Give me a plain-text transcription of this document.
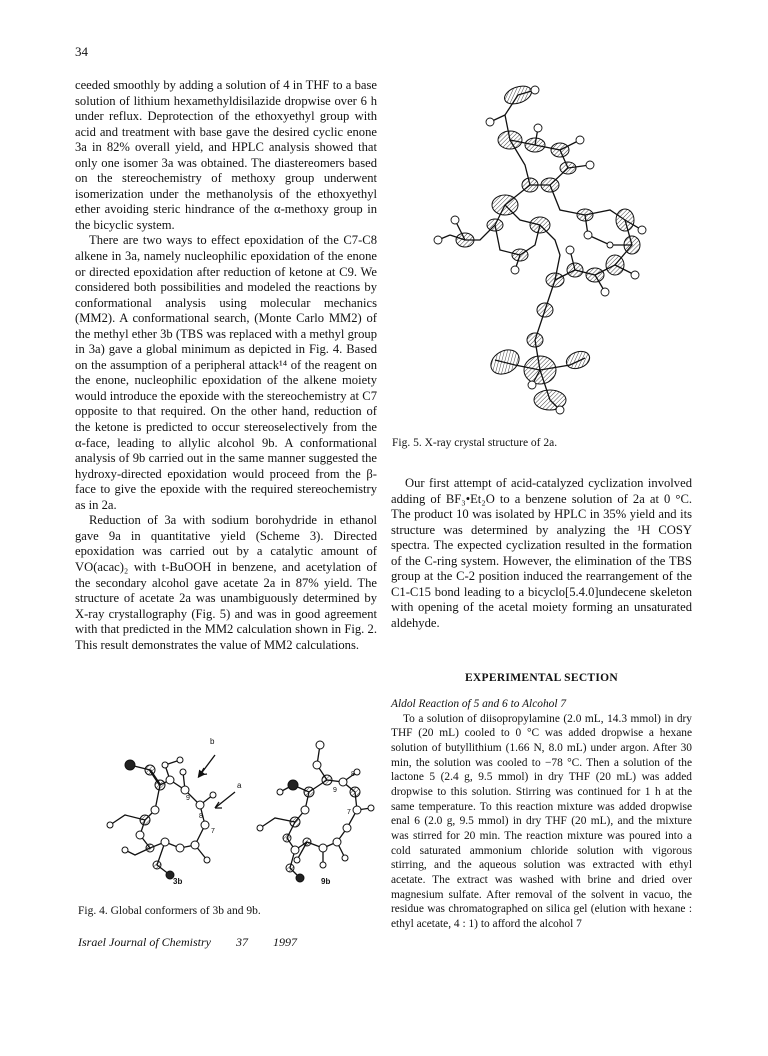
34

ceeded smoothly by adding a solution of 4 in THF to a base solution of lithium hexamethyldisilazide dropwise over 6 h under reflux. Deprotection of the ethoxyethyl group with acid and treatment with base gave the desired cyclic enone 3a in 82% overall yield, and HPLC analysis showed that only one isomer 3a was obtained. The diastereomers based on the stereochemistry of methoxy group underwent isomerization under the methanolysis of the ethoxyethyl ether avoiding steric hindrance of the α-methoxy group in the bicyclic system.

There are two ways to effect epoxidation of the C7-C8 alkene in 3a, namely nucleophilic epoxidation of the enone or directed epoxidation after reduction of ketone at C9. We considered both possibilities and modeled the reactions by conformational analysis using molecular mechanics (MM2). A conformational search, (Monte Carlo MM2) of the methyl ether 3b (TBS was replaced with a methyl group in 3a) gave a global minimum as depicted in Fig. 4. Based on the assumption of a peripheral attack¹⁴ of the reagent on the enone, nucleophilic epoxidation of the alkene moiety would introduce the epoxide with the stereochemistry at C7 opposite to that required. On the other hand, reduction of the ketone is predicted to occur stereoselectively from the α-face, leading to allylic alcohol 9b. A conformational analysis of 9b carried out in the same manner suggested the hydroxy-directed epoxidation would proceed from the β-face to give the epoxide with the required stereochemistry as in 2a.

Reduction of 3a with sodium borohydride in ethanol gave 9a in quantitative yield (Scheme 3). Directed epoxidation was carried out by a catalytic amount of VO(acac)₂ with t-BuOOH in benzene, and acetylation of the secondary alcohol gave acetate 2a in 87% yield. The structure of acetate 2a was unambiguously determined by X-ray crystallography (Fig. 5) and was in good agreement with that predicted in the MM2 calculation shown in Fig. 2. This result demonstrates the value of MM2 calculations.

Fig. 5. X-ray crystal structure of 2a.
9
8
7
b
a
3b
8
9
7
9b
Fig. 4. Global conformers of 3b and 9b.

Our first attempt of acid-catalyzed cyclization involved adding of BF₃•Et₂O to a benzene solution of 2a at 0 °C. The product 10 was isolated by HPLC in 35% yield and its structure was determined by analyzing the ¹H COSY spectra. The expected cyclization resulted in the formation of the C-ring system. However, the elimination of the TBS group at the C-2 position induced the rearrangement of the C1-C15 bond leading to a bicyclo[5.4.0]undecene skeleton with opening of the acetal moiety forming an unsaturated aldehyde.

EXPERIMENTAL SECTION

Aldol Reaction of 5 and 6 to Alcohol 7

To a solution of diisopropylamine (2.0 mL, 14.3 mmol) in dry THF (20 mL) cooled to 0 °C was added dropwise a hexane solution of butyllithium (1.66 N, 8.0 mL) under argon. After 30 min, the solution was cooled to −78 °C. Then a solution of the lactone 5 (2.4 g, 9.5 mmol) in dry THF (20 mL) was added dropwise to this solution. Stirring was continued for 1 h at the same temperature. To this reaction mixture was added dropwise enal 6 (2.0 g, 9.5 mmol) in dry THF (20 mL), and the mixture was stirred for 20 min. The reaction mixture was poured into a cold saturated ammonium chloride solution with vigorous stirring, and the aqueous solution was extracted with ethyl acetate. The extract was washed with brine and dried over magnesium sulfate. After removal of the solvent in vacuo, the residue was chromatographed on silica gel (elution with hexane : ethyl acetate, 4 : 1) to afford the alcohol 7

Israel Journal of Chemistry 37 1997
